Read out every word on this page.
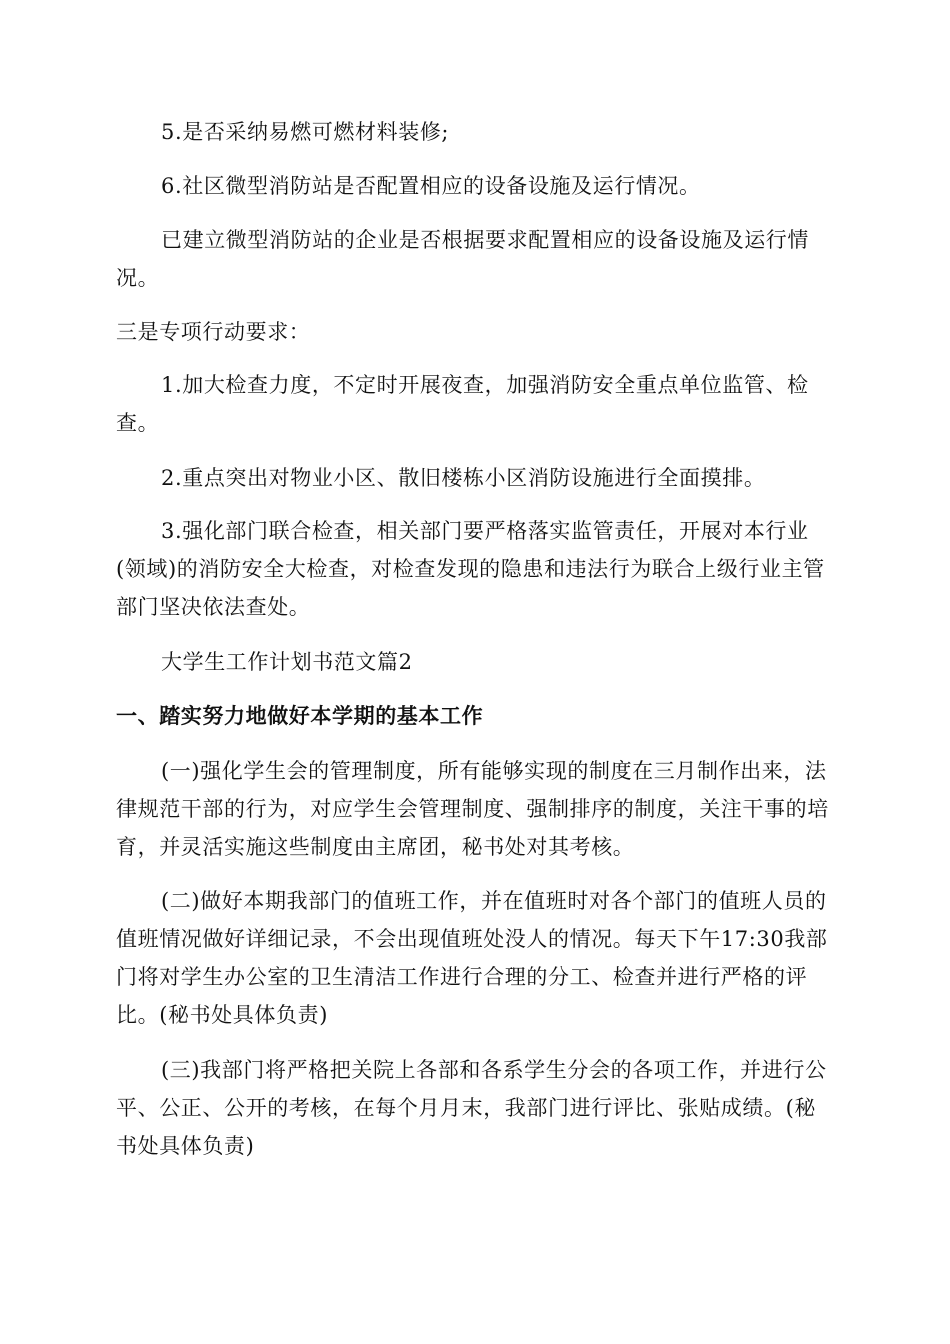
5.是否采纳易燃可燃材料装修;

6.社区微型消防站是否配置相应的设备设施及运行情况。

已建立微型消防站的企业是否根据要求配置相应的设备设施及运行情况。

三是专项行动要求：

1.加大检查力度，不定时开展夜查，加强消防安全重点单位监管、检查。

2.重点突出对物业小区、散旧楼栋小区消防设施进行全面摸排。

3.强化部门联合检查，相关部门要严格落实监管责任，开展对本行业(领域)的消防安全大检查，对检查发现的隐患和违法行为联合上级行业主管部门坚决依法查处。

大学生工作计划书范文篇2

一、踏实努力地做好本学期的基本工作

(一)强化学生会的管理制度，所有能够实现的制度在三月制作出来，法律规范干部的行为，对应学生会管理制度、强制排序的制度，关注干事的培育，并灵活实施这些制度由主席团，秘书处对其考核。

(二)做好本期我部门的值班工作，并在值班时对各个部门的值班人员的值班情况做好详细记录，不会出现值班处没人的情况。每天下午17:30我部门将对学生办公室的卫生清洁工作进行合理的分工、检查并进行严格的评比。(秘书处具体负责)

(三)我部门将严格把关院上各部和各系学生分会的各项工作，并进行公平、公正、公开的考核，在每个月月末，我部门进行评比、张贴成绩。(秘书处具体负责)
